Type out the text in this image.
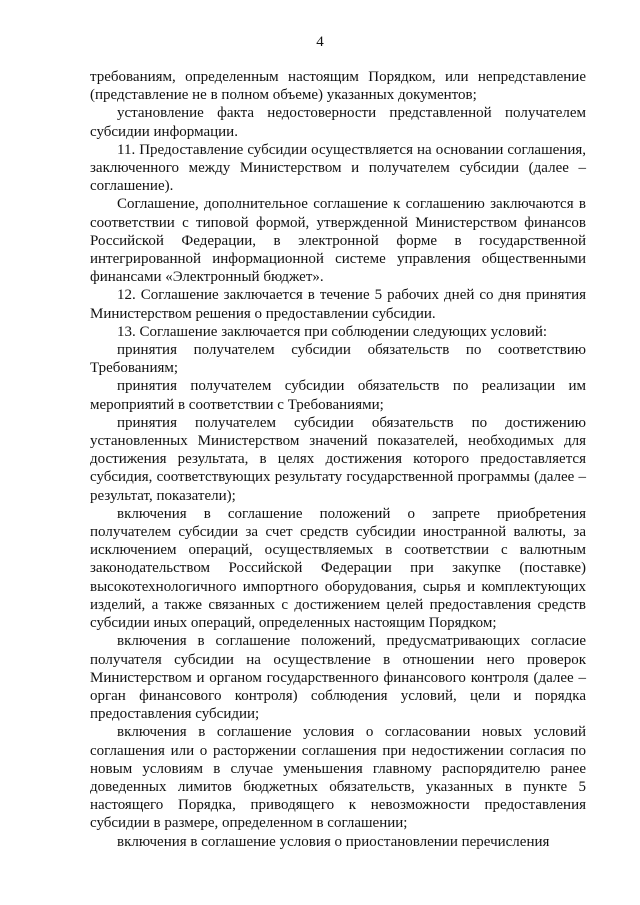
4

требованиям, определенным настоящим Порядком, или непредставление (представление не в полном объеме) указанных документов;

установление факта недостоверности представленной получателем субсидии информации.

11. Предоставление субсидии осуществляется на основании соглашения, заключенного между Министерством и получателем субсидии (далее – соглашение).

Соглашение, дополнительное соглашение к соглашению заключаются в соответствии с типовой формой, утвержденной Министерством финансов Российской Федерации, в электронной форме в государственной интегрированной информационной системе управления общественными финансами «Электронный бюджет».

12. Соглашение заключается в течение 5 рабочих дней со дня принятия Министерством решения о предоставлении субсидии.

13. Соглашение заключается при соблюдении следующих условий:

принятия получателем субсидии обязательств по соответствию Требованиям;

принятия получателем субсидии обязательств по реализации им мероприятий в соответствии с Требованиями;

принятия получателем субсидии обязательств по достижению установленных Министерством значений показателей, необходимых для достижения результата, в целях достижения которого предоставляется субсидия, соответствующих результату государственной программы (далее – результат, показатели);

включения в соглашение положений о запрете приобретения получателем субсидии за счет средств субсидии иностранной валюты, за исключением операций, осуществляемых в соответствии с валютным законодательством Российской Федерации при закупке (поставке) высокотехнологичного импортного оборудования, сырья и комплектующих изделий, а также связанных с достижением целей предоставления средств субсидии иных операций, определенных настоящим Порядком;

включения в соглашение положений, предусматривающих согласие получателя субсидии на осуществление в отношении него проверок Министерством и органом государственного финансового контроля (далее – орган финансового контроля) соблюдения условий, цели и порядка предоставления субсидии;

включения в соглашение условия о согласовании новых условий соглашения или о расторжении соглашения при недостижении согласия по новым условиям в случае уменьшения главному распорядителю ранее доведенных лимитов бюджетных обязательств, указанных в пункте 5 настоящего Порядка, приводящего к невозможности предоставления субсидии в размере, определенном в соглашении;

включения в соглашение условия о приостановлении перечисления
